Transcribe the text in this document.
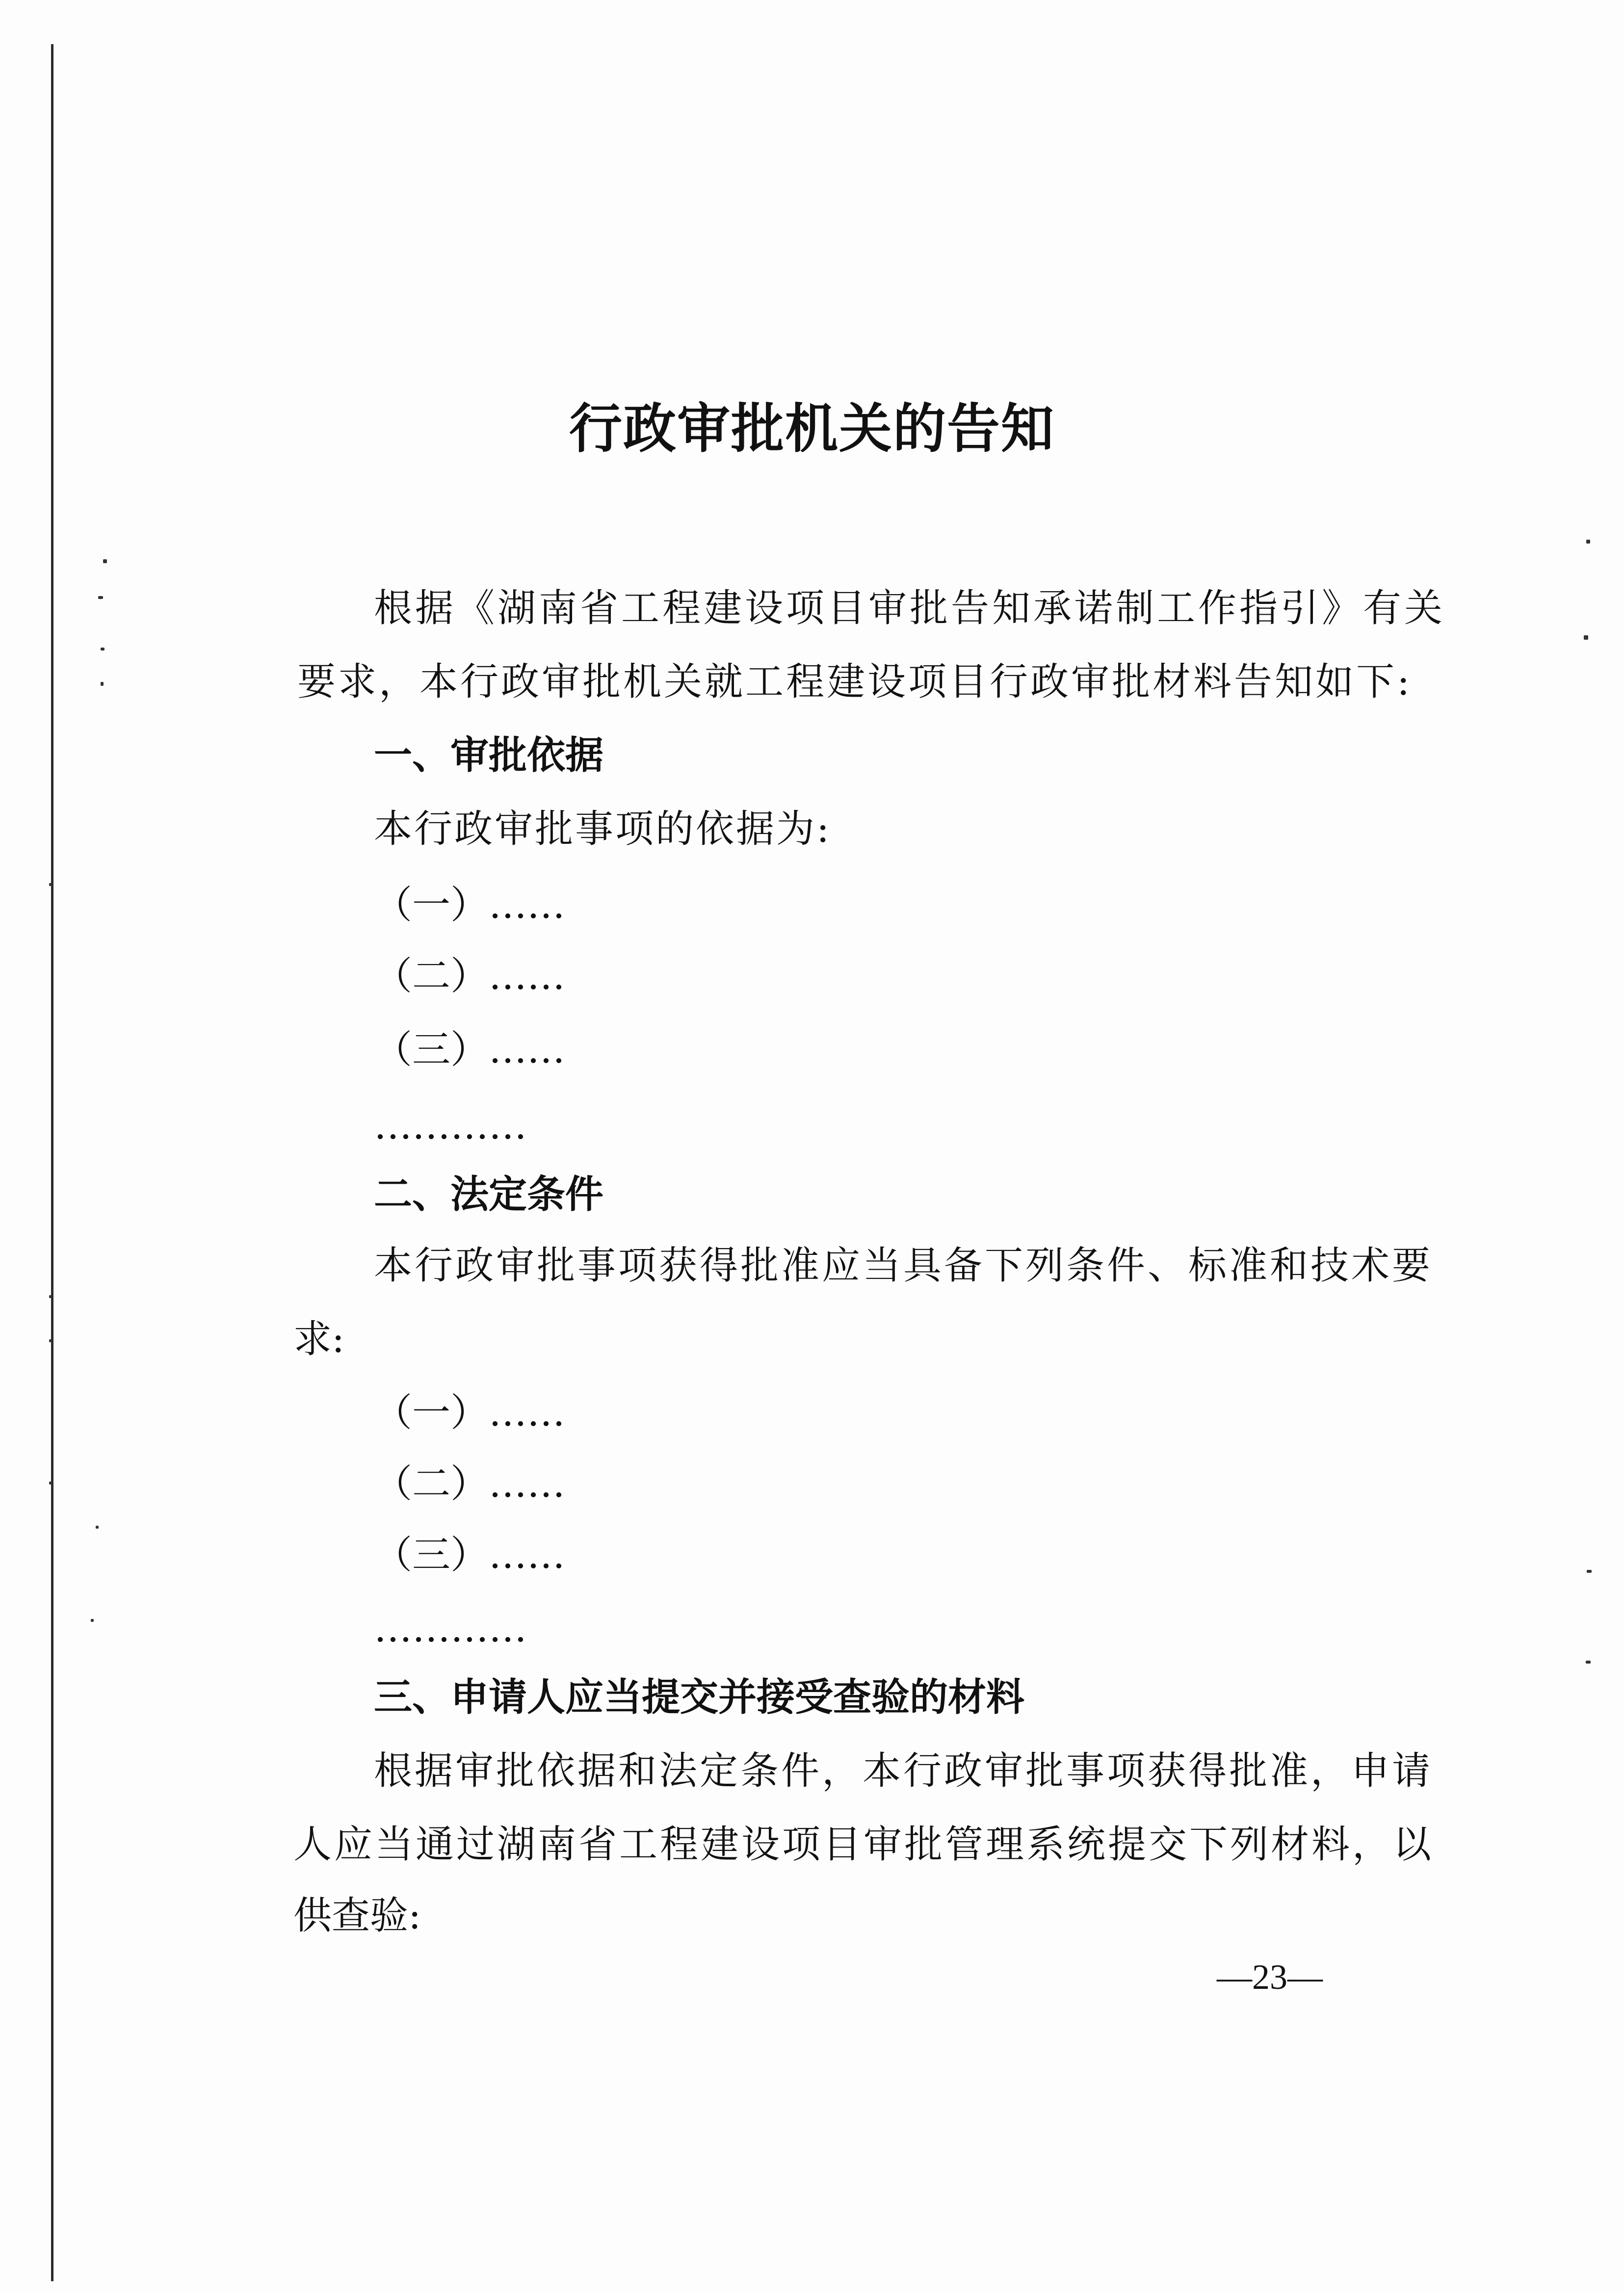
行政审批机关的告知
根据《湖南省工程建设项目审批告知承诺制工作指引》有关
要求，本行政审批机关就工程建设项目行政审批材料告知如下:
一、审批依据
本行政审批事项的依据为:
（一）……
（二）……
（三）……
…………
二、法定条件
本行政审批事项获得批准应当具备下列条件、标准和技术要
求:
（一）……
（二）……
（三）……
…………
三、申请人应当提交并接受查验的材料
根据审批依据和法定条件，本行政审批事项获得批准，申请
人应当通过湖南省工程建设项目审批管理系统提交下列材料，以
供查验:
—23—
